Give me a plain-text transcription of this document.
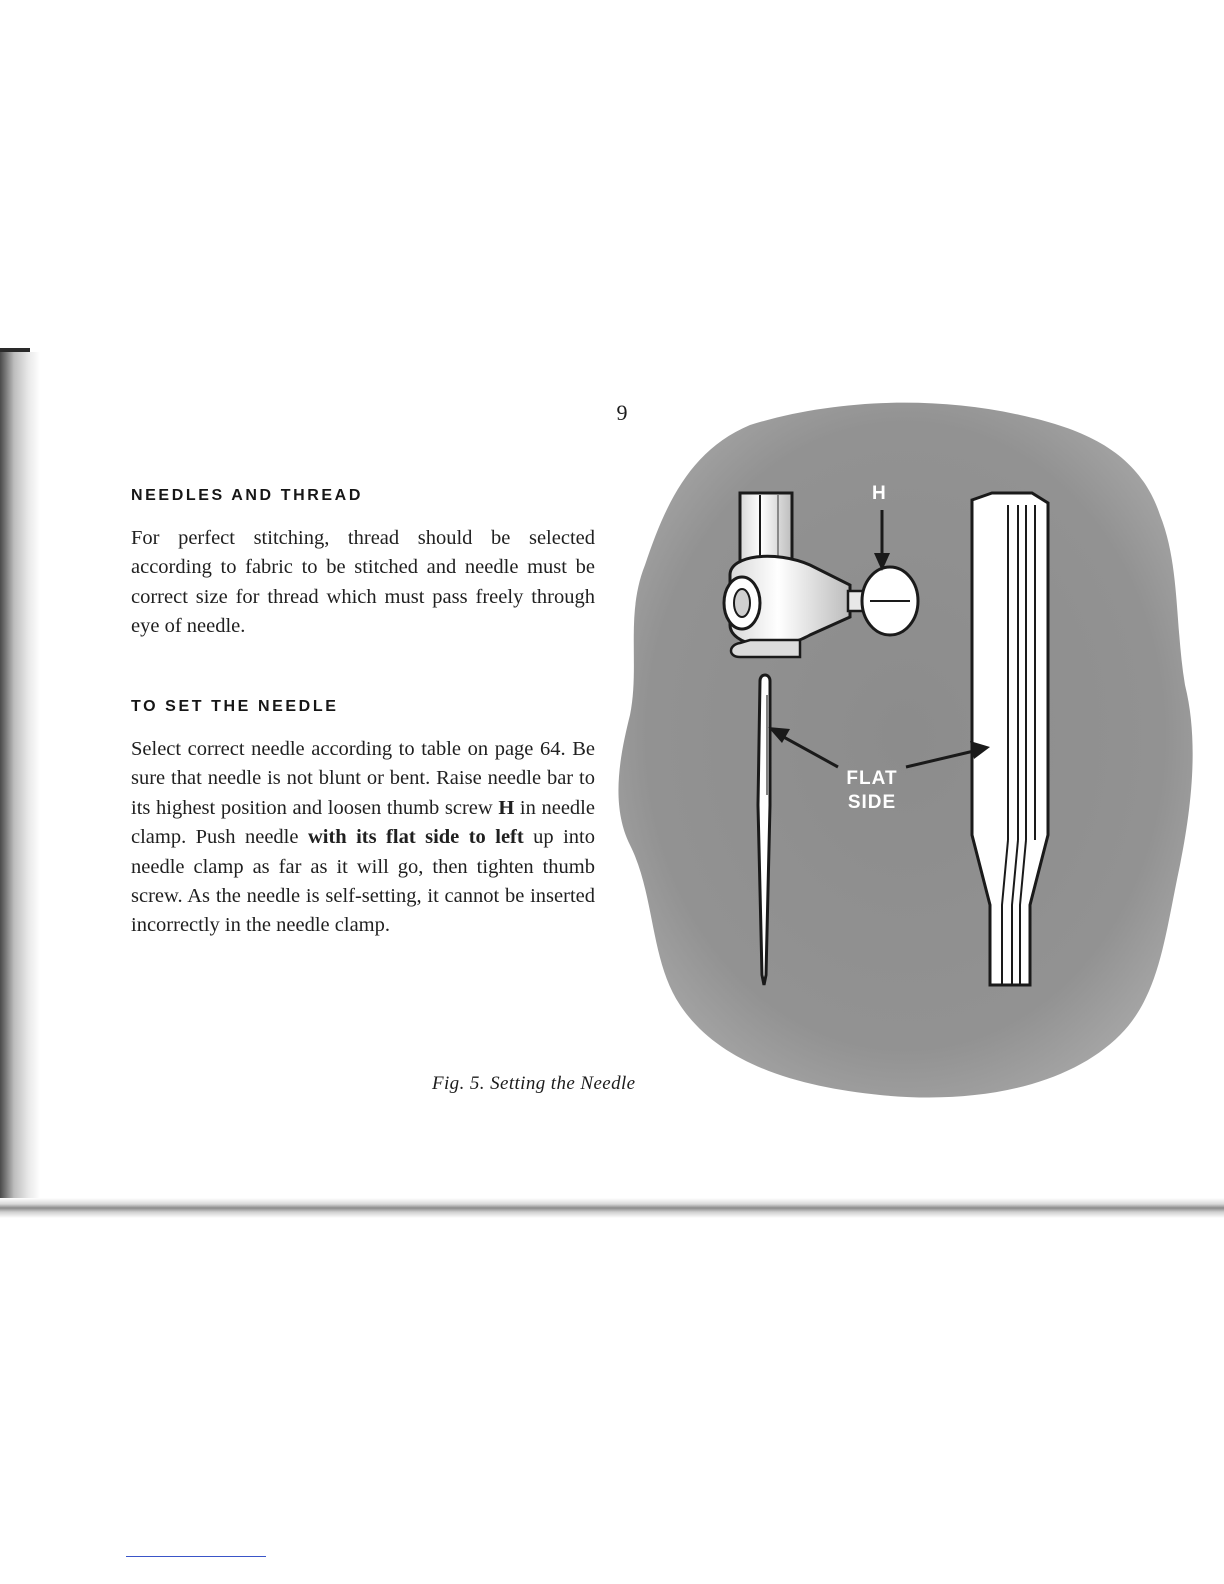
9
NEEDLES AND THREAD

For perfect stitching, thread should be selected according to fabric to be stitched and needle must be correct size for thread which must pass freely through eye of needle.

TO SET THE NEEDLE

Select correct needle according to table on page 64. Be sure that needle is not blunt or bent. Raise needle bar to its highest position and loosen thumb screw H in needle clamp. Push needle with its flat side to left up into needle clamp as far as it will go, then tighten thumb screw. As the needle is self-setting, it cannot be inserted incorrectly in the needle clamp.

H
FLAT
SIDE

Fig. 5. Setting the Needle
